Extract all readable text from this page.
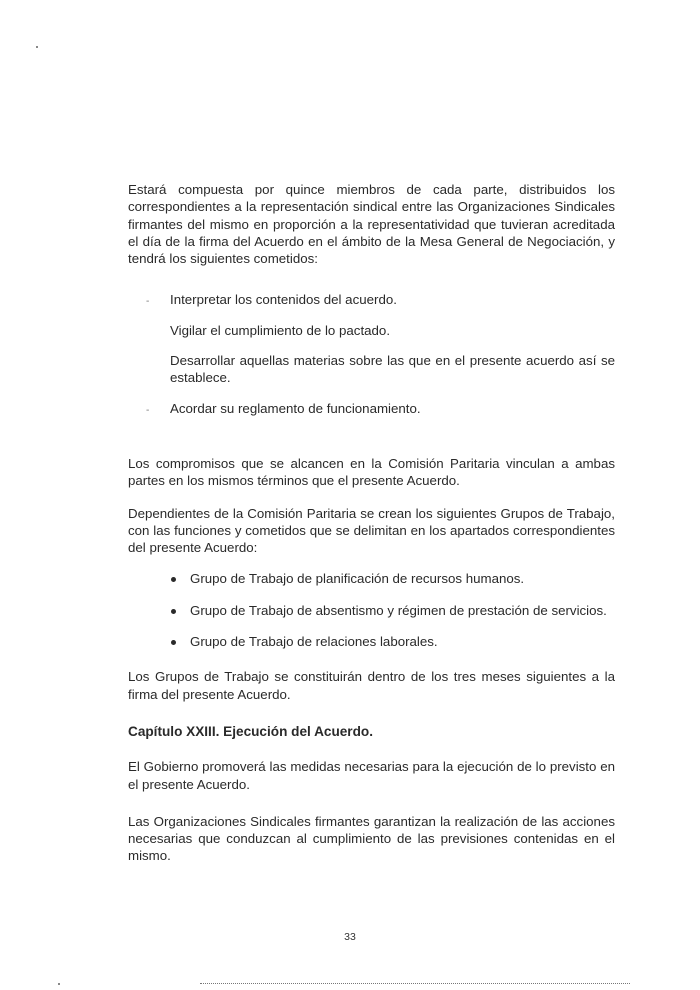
Estará compuesta por quince miembros de cada parte, distribuidos los correspondientes a la representación sindical entre las Organizaciones Sindicales firmantes del mismo en proporción a la representatividad que tuvieran acreditada el día de la firma del Acuerdo en el ámbito de la Mesa General de Negociación, y tendrá los siguientes cometidos:

- Interpretar los contenidos del acuerdo.
Vigilar el cumplimiento de lo pactado.
Desarrollar aquellas materias sobre las que en el presente acuerdo así se establece.
- Acordar su reglamento de funcionamiento.

Los compromisos que se alcancen en la Comisión Paritaria vinculan a ambas partes en los mismos términos que el presente Acuerdo.

Dependientes de la Comisión Paritaria se crean los siguientes Grupos de Trabajo, con las funciones y cometidos que se delimitan en los apartados correspondientes del presente Acuerdo:

Grupo de Trabajo de planificación de recursos humanos.
Grupo de Trabajo de absentismo y régimen de prestación de servicios.
Grupo de Trabajo de relaciones laborales.

Los Grupos de Trabajo se constituirán dentro de los tres meses siguientes a la firma del presente Acuerdo.

Capítulo XXIII. Ejecución del Acuerdo.

El Gobierno promoverá las medidas necesarias para la ejecución de lo previsto en el presente Acuerdo.

Las Organizaciones Sindicales firmantes garantizan la realización de las acciones necesarias que conduzcan al cumplimiento de las previsiones contenidas en el mismo.

33
